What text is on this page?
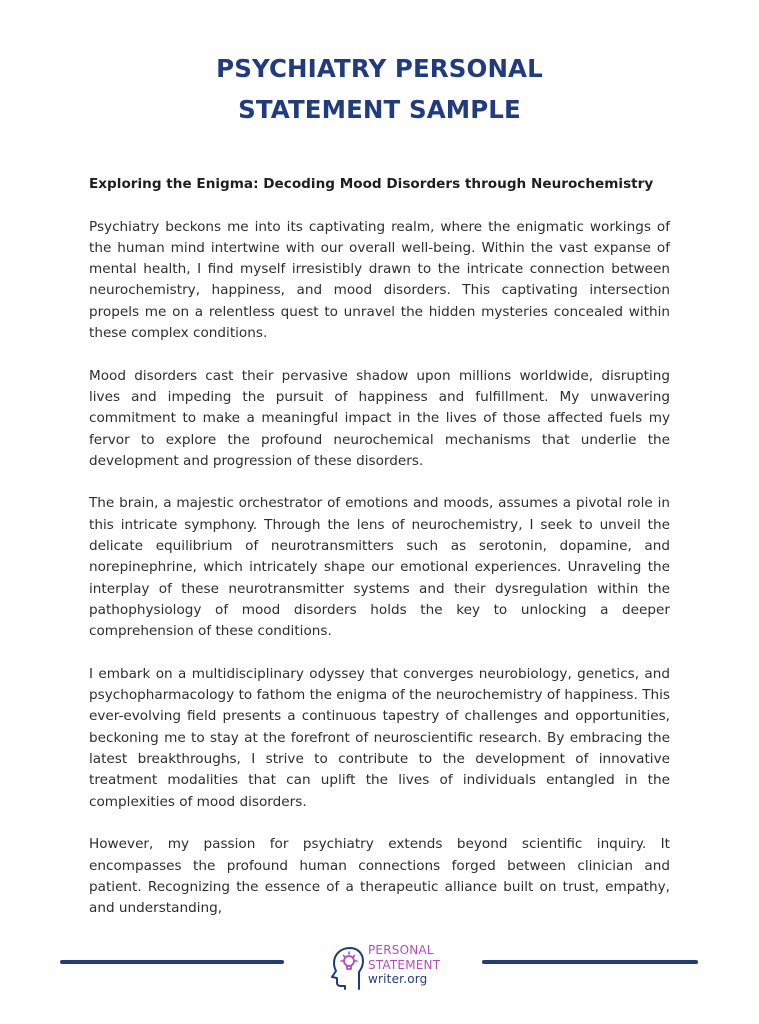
PSYCHIATRY PERSONAL
STATEMENT SAMPLE
Exploring the Enigma: Decoding Mood Disorders through Neurochemistry

Psychiatry beckons me into its captivating realm, where the enigmatic workings of the human mind intertwine with our overall well-being. Within the vast expanse of mental health, I find myself irresistibly drawn to the intricate connection between neurochemistry, happiness, and mood disorders. This captivating intersection propels me on a relentless quest to unravel the hidden mysteries concealed within these complex conditions.

Mood disorders cast their pervasive shadow upon millions worldwide, disrupting lives and impeding the pursuit of happiness and fulfillment. My unwavering commitment to make a meaningful impact in the lives of those affected fuels my fervor to explore the profound neurochemical mechanisms that underlie the development and progression of these disorders.

The brain, a majestic orchestrator of emotions and moods, assumes a pivotal role in this intricate symphony. Through the lens of neurochemistry, I seek to unveil the delicate equilibrium of neurotransmitters such as serotonin, dopamine, and norepinephrine, which intricately shape our emotional experiences. Unraveling the interplay of these neurotransmitter systems and their dysregulation within the pathophysiology of mood disorders holds the key to unlocking a deeper comprehension of these conditions.

I embark on a multidisciplinary odyssey that converges neurobiology, genetics, and psychopharmacology to fathom the enigma of the neurochemistry of happiness. This ever-evolving field presents a continuous tapestry of challenges and opportunities, beckoning me to stay at the forefront of neuroscientific research. By embracing the latest breakthroughs, I strive to contribute to the development of innovative treatment modalities that can uplift the lives of individuals entangled in the complexities of mood disorders.

However, my passion for psychiatry extends beyond scientific inquiry. It encompasses the profound human connections forged between clinician and patient. Recognizing the essence of a therapeutic alliance built on trust, empathy, and understanding,

PERSONAL
STATEMENT
writer.org
